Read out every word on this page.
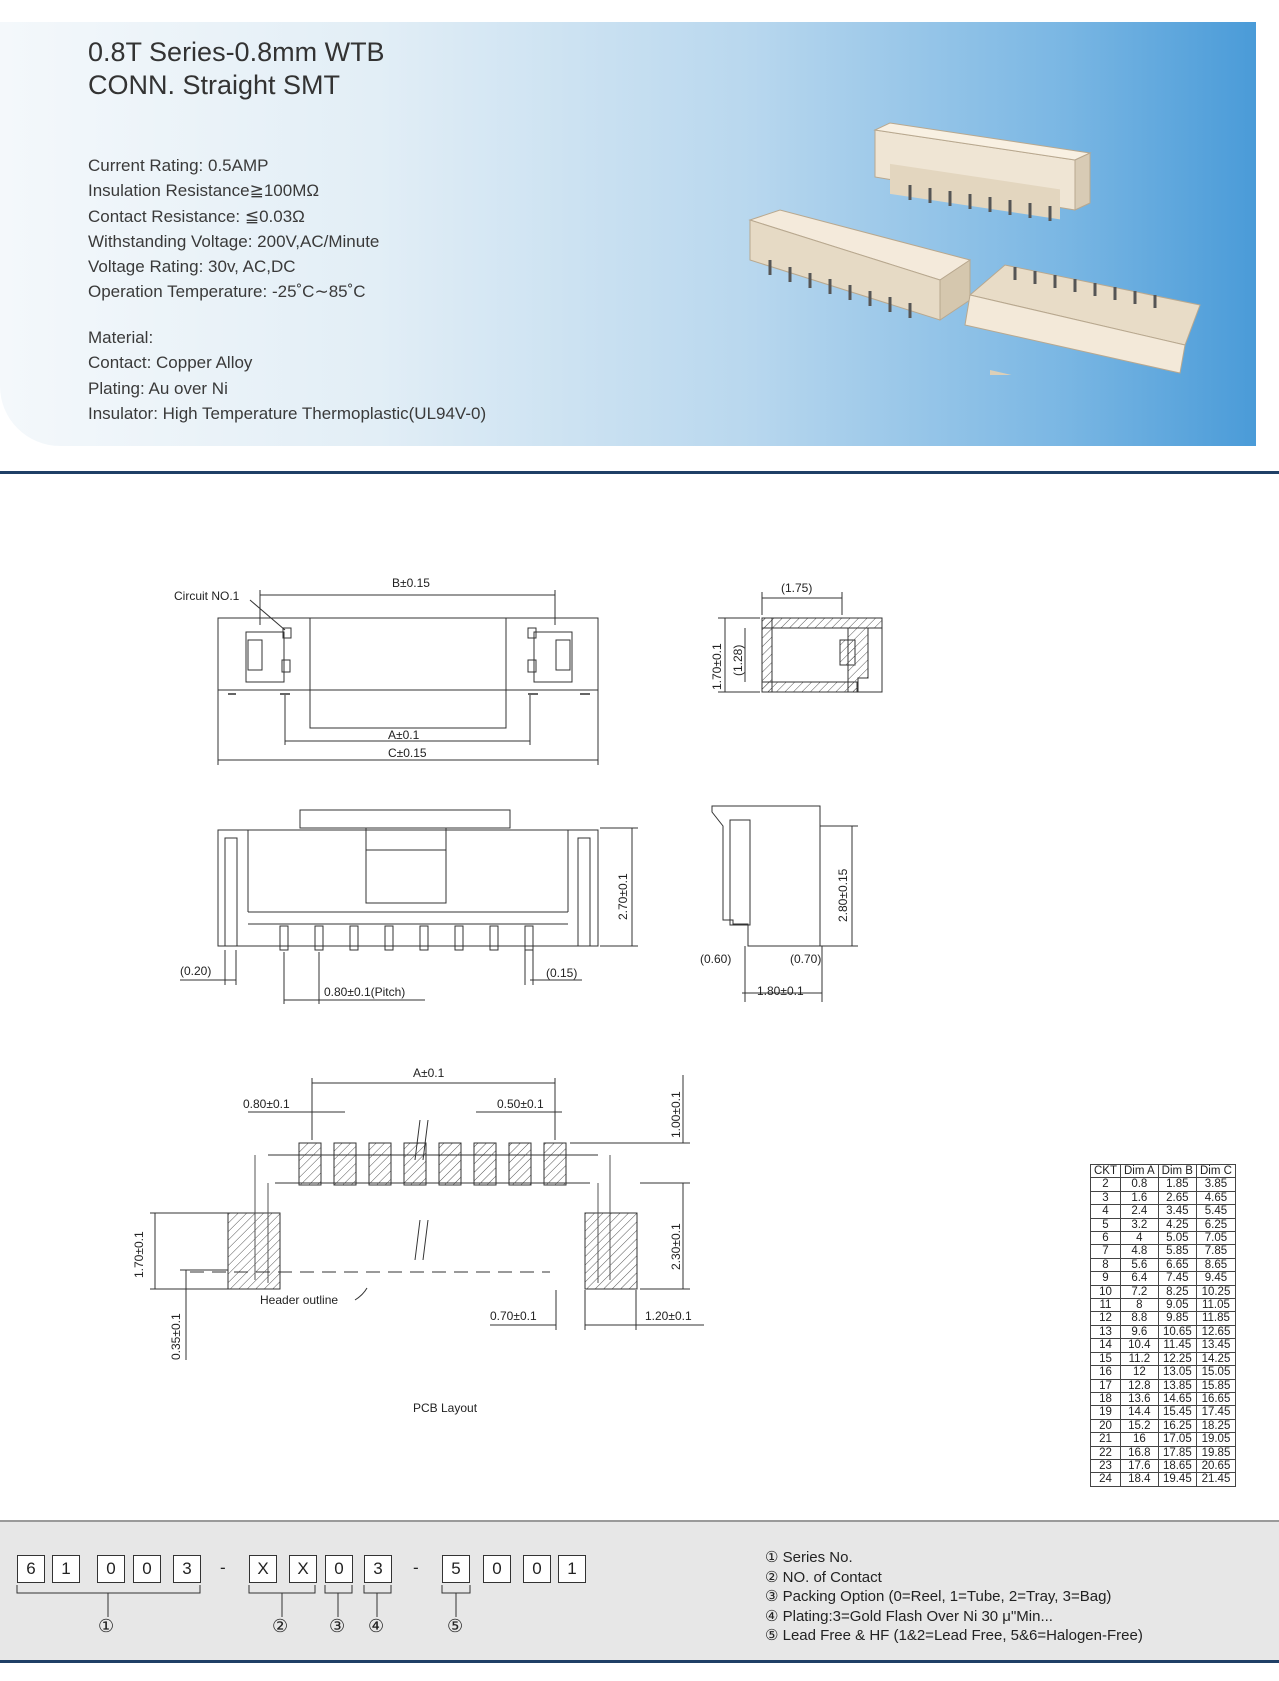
0.8T Series-0.8mm WTB
CONN. Straight SMT
Current Rating: 0.5AMP
Insulation Resistance≧100MΩ
Contact Resistance: ≦0.03Ω
Withstanding Voltage: 200V,AC/Minute
Voltage Rating: 30v, AC,DC
Operation Temperature: -25˚C∼85˚C
Material:
Contact: Copper Alloy
Plating: Au over Ni
Insulator: High Temperature Thermoplastic(UL94V-0)
Circuit NO.1
B±0.15
A±0.1
C±0.15
(1.75)
1.70±0.1 (1.28)
2.70±0.1
(0.20)	(0.15)
0.80±0.1(Pitch)
2.80±0.15
(0.60)	(0.70)
1.80±0.1
A±0.1
0.80±0.1	0.50±0.1	1.00±0.1
1.70±0.1	2.30±0.1
0.35±0.1
Header outline
0.70±0.1	1.20±0.1
PCB Layout
CKT	Dim A	Dim B	Dim C
2	0.8	1.85	3.85
3	1.6	2.65	4.65
4	2.4	3.45	5.45
5	3.2	4.25	6.25
6	4	5.05	7.05
7	4.8	5.85	7.85
8	5.6	6.65	8.65
9	6.4	7.45	9.45
10	7.2	8.25	10.25
11	8	9.05	11.05
12	8.8	9.85	11.85
13	9.6	10.65	12.65
14	10.4	11.45	13.45
15	11.2	12.25	14.25
16	12	13.05	15.05
17	12.8	13.85	15.85
18	13.6	14.65	16.65
19	14.4	15.45	17.45
20	15.2	16.25	18.25
21	16	17.05	19.05
22	16.8	17.85	19.85
23	17.6	18.65	20.65
24	18.4	19.45	21.45
6	1	0	0	3	-	X	X	0	3	-	5	0	0	1
①	② ③ ④	⑤
① Series No.
② NO. of Contact
③ Packing Option (0=Reel, 1=Tube, 2=Tray, 3=Bag)
④ Plating:3=Gold Flash Over Ni 30 μ"Min...
⑤ Lead Free & HF (1&2=Lead Free, 5&6=Halogen-Free)
